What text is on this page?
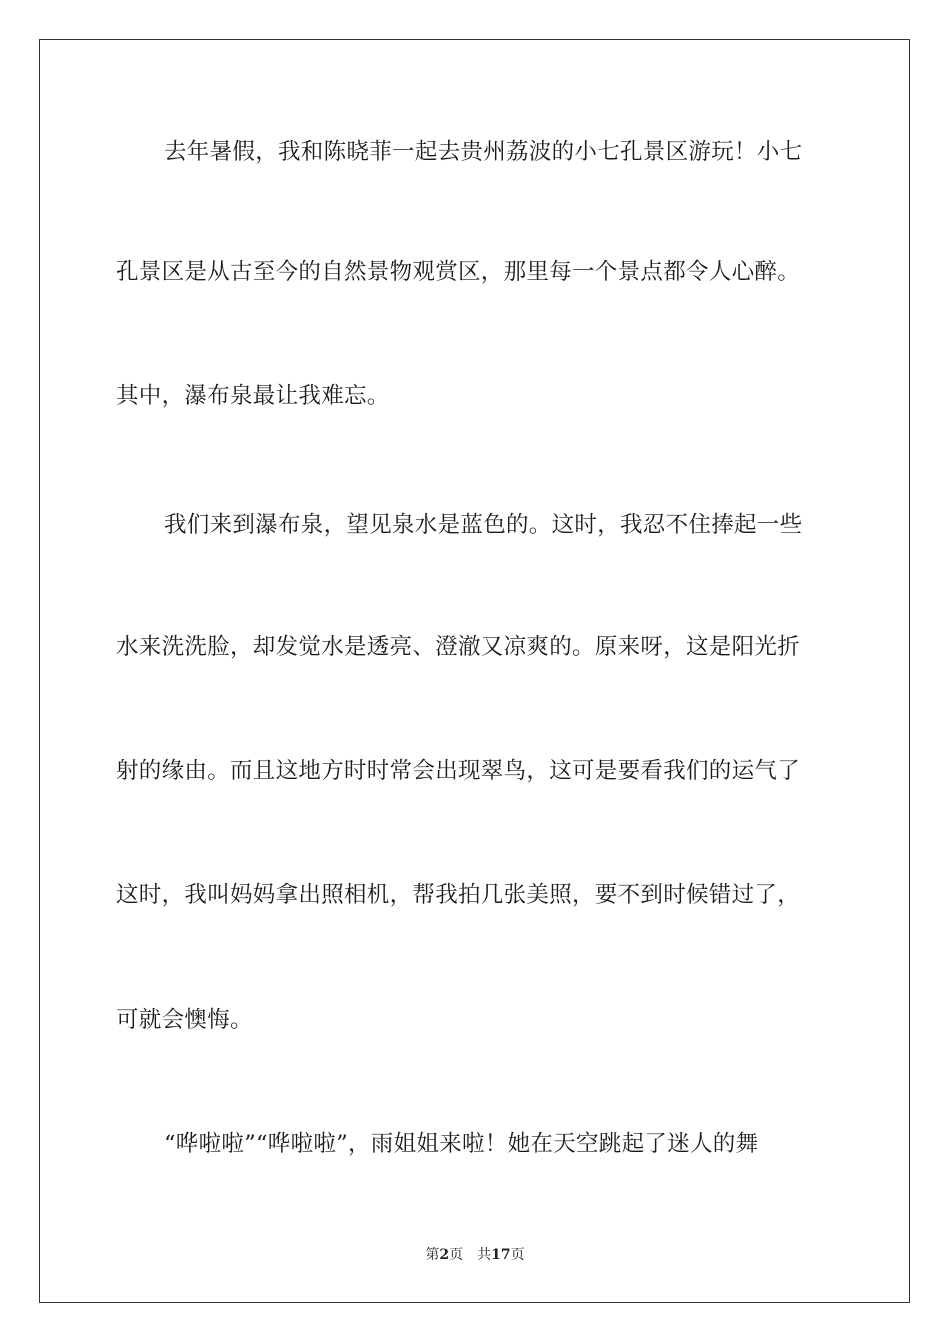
去年暑假，我和陈晓菲一起去贵州荔波的小七孔景区游玩！小七
孔景区是从古至今的自然景物观赏区，那里每一个景点都令人心醉。
其中，瀑布泉最让我难忘。
我们来到瀑布泉，望见泉水是蓝色的。这时，我忍不住捧起一些
水来洗洗脸，却发觉水是透亮、澄澈又凉爽的。原来呀，这是阳光折
射的缘由。而且这地方时时常会出现翠鸟，这可是要看我们的运气了
这时，我叫妈妈拿出照相机，帮我拍几张美照，要不到时候错过了，
可就会懊悔。
“哗啦啦”“哗啦啦”，雨姐姐来啦！她在天空跳起了迷人的舞
第2页 共17页
